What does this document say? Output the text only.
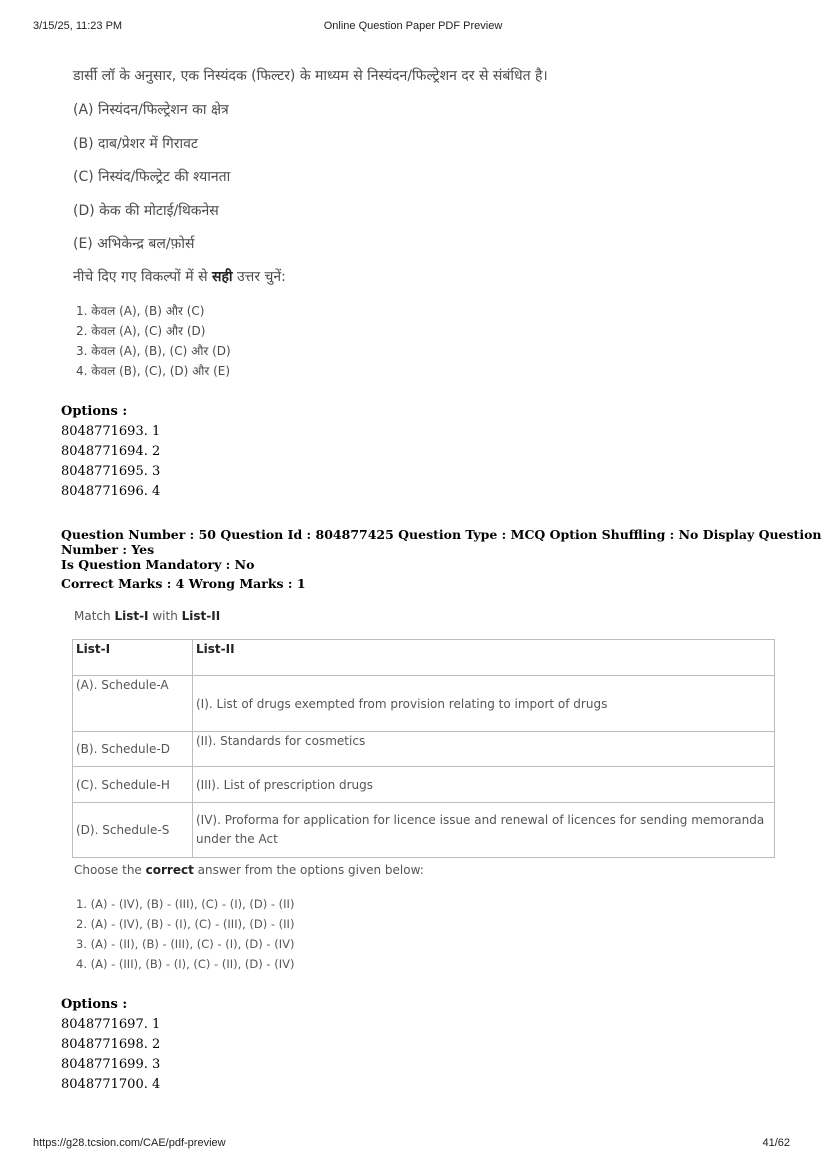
3/15/25, 11:23 PM	Online Question Paper PDF Preview
डार्सी लॉ के अनुसार, एक निस्यंदक (फिल्टर) के माध्यम से निस्यंदन/फिल्ट्रेशन दर से संबंधित है।
(A) निस्यंदन/फिल्ट्रेशन का क्षेत्र
(B) दाब/प्रेशर में गिरावट
(C) निस्यंद/फिल्ट्रेट की श्यानता
(D) केक की मोटाई/थिकनेस
(E) अभिकेन्द्र बल/फ़ोर्स
नीचे दिए गए विकल्पों में से सही उत्तर चुनें:
1. केवल (A), (B) और (C)
2. केवल (A), (C) और (D)
3. केवल (A), (B), (C) और (D)
4. केवल (B), (C), (D) और (E)
Options :
8048771693. 1
8048771694. 2
8048771695. 3
8048771696. 4
Question Number : 50 Question Id : 804877425 Question Type : MCQ Option Shuffling : No Display Question Number : Yes
Is Question Mandatory : No
Correct Marks : 4 Wrong Marks : 1
Match List-I with List-II
List-I	List-II
(A). Schedule-A	(I). List of drugs exempted from provision relating to import of drugs
(B). Schedule-D	(II). Standards for cosmetics
(C). Schedule-H	(III). List of prescription drugs
(D). Schedule-S	(IV). Proforma for application for licence issue and renewal of licences for sending memoranda under the Act
Choose the correct answer from the options given below:
1. (A) - (IV), (B) - (III), (C) - (I), (D) - (II)
2. (A) - (IV), (B) - (I), (C) - (III), (D) - (II)
3. (A) - (II), (B) - (III), (C) - (I), (D) - (IV)
4. (A) - (III), (B) - (I), (C) - (II), (D) - (IV)
Options :
8048771697. 1
8048771698. 2
8048771699. 3
8048771700. 4
https://g28.tcsion.com/CAE/pdf-preview	41/62
